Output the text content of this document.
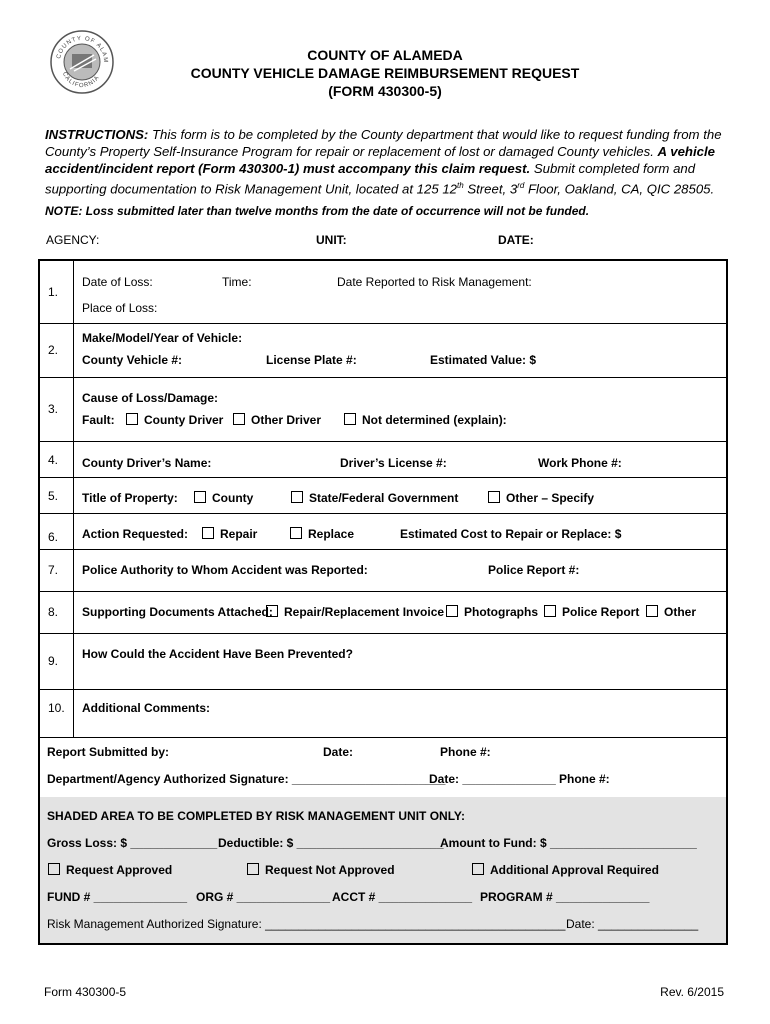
COUNTY OF ALAM
CALIFORNIA
COUNTY OF ALAMEDA
COUNTY VEHICLE DAMAGE REIMBURSEMENT REQUEST
(FORM 430300-5)
INSTRUCTIONS: This form is to be completed by the County department that would like to request funding from the County’s Property Self-Insurance Program for repair or replacement of lost or damaged County vehicles. A vehicle accident/incident report (Form 430300-1) must accompany this claim request. Submit completed form and supporting documentation to Risk Management Unit, located at 125 12th Street, 3rd Floor, Oakland, CA, QIC 28505.
NOTE: Loss submitted later than twelve months from the date of occurrence will not be funded.
AGENCY:	UNIT:	DATE:
1.
Date of Loss:	Time:	Date Reported to Risk Management:
Place of Loss:
2.
Make/Model/Year of Vehicle:
County Vehicle #:	License Plate #:	Estimated Value: $
3.
Cause of Loss/Damage:
Fault:	County Driver	Other Driver	Not determined (explain):
4. County Driver’s Name:	Driver’s License #:	Work Phone #:
5. Title of Property:	County	State/Federal Government	Other – Specify
6. Action Requested:	Repair	Replace	Estimated Cost to Repair or Replace: $
7. Police Authority to Whom Accident was Reported:	Police Report #:
8. Supporting Documents Attached: Repair/Replacement Invoice	Photographs	Police Report	Other
9. How Could the Accident Have Been Prevented?
10. Additional Comments:
Report Submitted by:	Date:	Phone #:
Department/Agency Authorized Signature: _______________________
Date: ______________ Phone #:
SHADED AREA TO BE COMPLETED BY RISK MANAGEMENT UNIT ONLY:
Gross Loss: $ _____________ Deductible: $ ______________________
Amount to Fund: $ ______________________
Request Approved	Request Not Approved	Additional Approval Required
FUND # ______________ ORG # ______________ ACCT # ______________ PROGRAM # ______________
Risk Management Authorized Signature: _____________________________________________ Date: _______________
Form 430300-5	Rev. 6/2015
